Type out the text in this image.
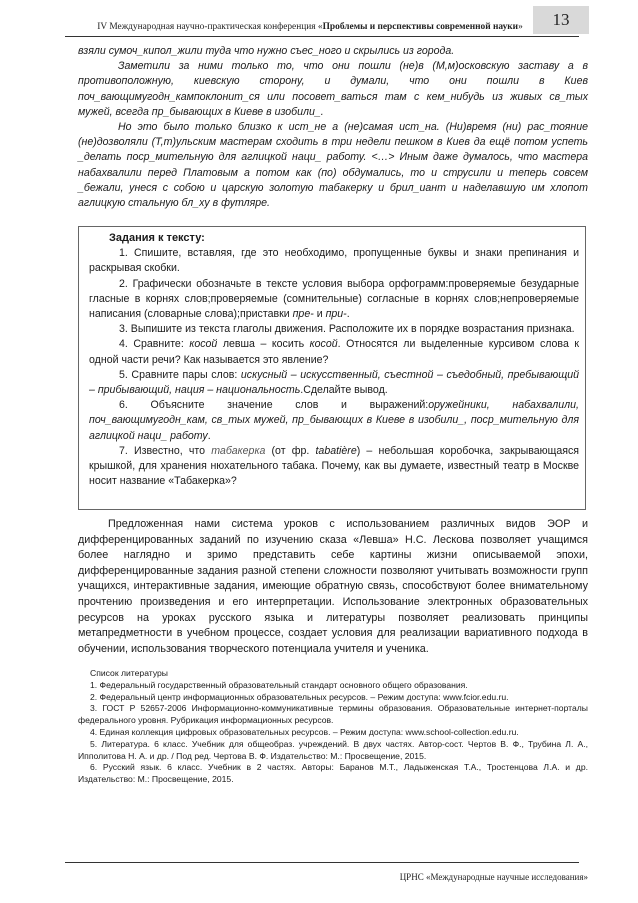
IV Международная научно-практическая конференция «Проблемы и перспективы современной науки»	13

взяли сумоч_кипол_жили туда что нужно съес_ного и скрылись из города.

Заметили за ними только то, что они пошли (не)в (М,м)осковскую заставу а в противоположную, киевскую сторону, и думали, что они пошли в Киев поч_вающимугодн_кампоклонит_ся или посовет_ваться там с кем_нибудь из живых св_тых мужей, всегда пр_бывающих в Киеве в изобили_.

Но это было только близко к ист_не а (не)самая ист_на. (Ни)время (ни) рас_тояние (не)дозволяли (Т,т)ульским мастерам сходить в три недели пешком в Киев да ещё потом успеть _делать поср_мительную для аглицкой наци_ работу. <…> Иным даже думалось, что мастера набахвалили перед Платовым а потом как (по) обдумались, то и струсили и теперь совсем _бежали, унеся с собою и царскую золотую табакерку и брил_иант и наделавшую им хлопот аглицкую стальную бл_ху в футляре.

Задания к тексту:

1. Спишите, вставляя, где это необходимо, пропущенные буквы и знаки препинания и раскрывая скобки.

2. Графически обозначьте в тексте условия выбора орфограмм:проверяемые безударные гласные в корнях слов;проверяемые (сомнительные) согласные в корнях слов;непроверяемые написания (словарные слова);приставки пре- и при-.

3. Выпишите из текста глаголы движения. Расположите их в порядке возрастания признака.

4. Сравните: косой левша – косить косой. Относятся ли выделенные курсивом слова к одной части речи? Как называется это явление?

5. Сравните пары слов: искусный – искусственный, съестной – съедобный, пребывающий – прибывающий, нация – национальность.Сделайте вывод.

6. Объясните значение слов и выражений:оружейники, набахвалили, поч_вающимугодн_кам, св_тых мужей, пр_бывающих в Киеве в изобили_, поср_мительную для аглицкой наци_ работу.

7. Известно, что табакерка (от фр. tabatière) – небольшая коробочка, закрывающаяся крышкой, для хранения нюхательного табака. Почему, как вы думаете, известный театр в Москве носит название «Табакерка»?

Предложенная нами система уроков с использованием различных видов ЭОР и дифференцированных заданий по изучению сказа «Левша» Н.С. Лескова позволяет учащимся более наглядно и зримо представить себе картины жизни описываемой эпохи, дифференцированные задания разной степени сложности позволяют учитывать возможности групп учащихся, интерактивные задания, имеющие обратную связь, способствуют более внимательному прочтению произведения и его интерпретации. Использование электронных образовательных ресурсов на уроках русского языка и литературы позволяет реализовать принципы метапредметности в учебном процессе, создает условия для реализации вариативного подхода в обучении, использования творческого потенциала учителя и ученика.

Список литературы

1. Федеральный государственный образовательный стандарт основного общего образования.

2. Федеральный центр информационных образовательных ресурсов. – Режим доступа: www.fcior.edu.ru.

3. ГОСТ Р 52657-2006 Информационно-коммуникативные термины образования. Образовательные интернет-порталы федерального уровня. Рубрикация информационных ресурсов.

4. Единая коллекция цифровых образовательных ресурсов. – Режим доступа: www.school-collection.edu.ru.

5. Литература. 6 класс. Учебник для общеобраз. учреждений. В двух частях. Автор-сост. Чертов В. Ф., Трубина Л. А., Ипполитова Н. А. и др. / Под ред. Чертова В. Ф. Издательство: М.: Просвещение, 2015.

6. Русский язык. 6 класс. Учебник в 2 частях. Авторы: Баранов М.Т., Ладыженская Т.А., Тростенцова Л.А. и др. Издательство: М.: Просвещение, 2015.

ЦРНС «Международные научные исследования»
